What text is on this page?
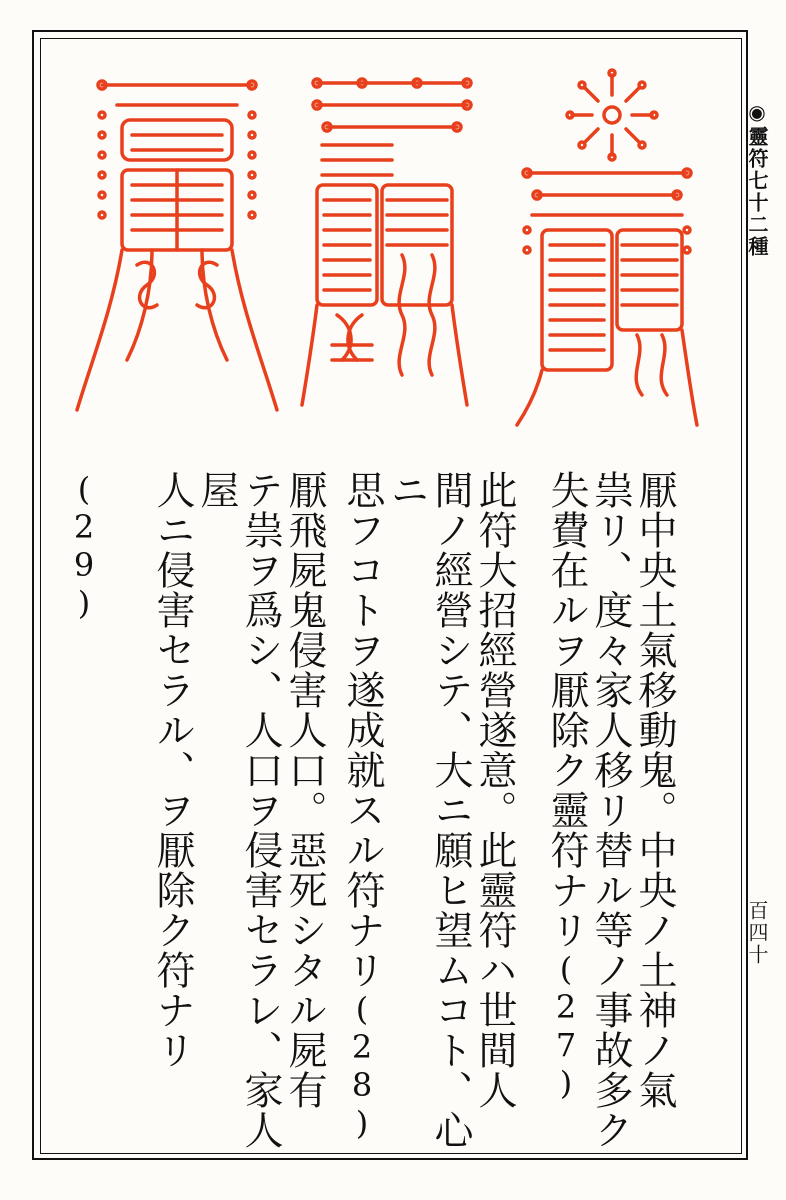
厭中央土氣移動鬼。中央ノ土神ノ氣

祟リ、度々家人移リ替ル等ノ事故多ク

失費在ルヲ厭除ク靈符ナリ(27)

此符大招經營遂意。此靈符ハ世間人

間ノ經營シテ、大ニ願ヒ望ムコト、心ニ

思フコトヲ遂成就スル符ナリ(28)

厭飛屍鬼侵害人口。惡死シタル屍有

テ祟ヲ爲シ、人口ヲ侵害セラレ、家人屋

人ニ侵害セラル、ヲ厭除ク符ナリ

(29)
◉靈符七十二種
百四十
